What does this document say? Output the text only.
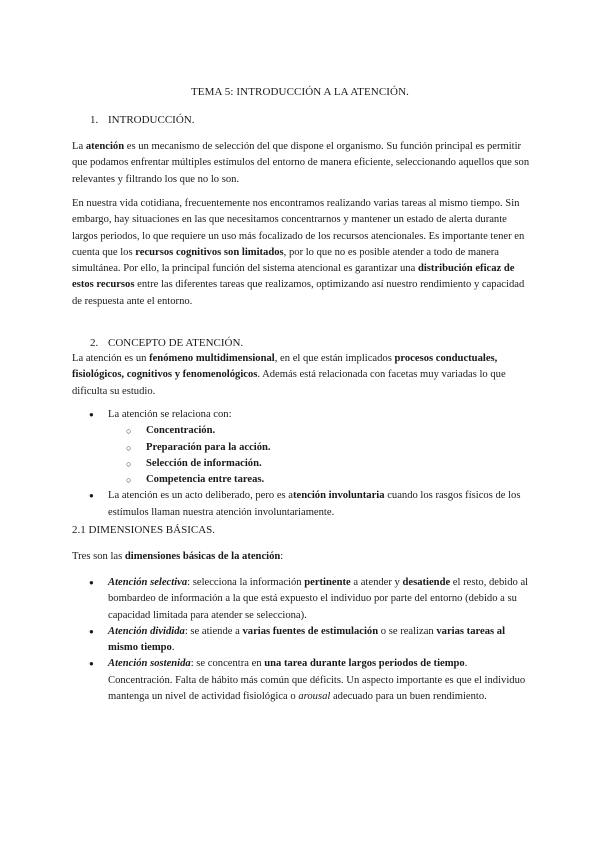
TEMA 5: INTRODUCCIÓN A LA ATENCIÓN.
1. INTRODUCCIÓN.

La atención es un mecanismo de selección del que dispone el organismo. Su función principal es permitir que podamos enfrentar múltiples estímulos del entorno de manera eficiente, seleccionando aquellos que son relevantes y filtrando los que no lo son.

En nuestra vida cotidiana, frecuentemente nos encontramos realizando varias tareas al mismo tiempo. Sin embargo, hay situaciones en las que necesitamos concentrarnos y mantener un estado de alerta durante largos periodos, lo que requiere un uso más focalizado de los recursos atencionales. Es importante tener en cuenta que los recursos cognitivos son limitados, por lo que no es posible atender a todo de manera simultánea. Por ello, la principal función del sistema atencional es garantizar una distribución eficaz de estos recursos entre las diferentes tareas que realizamos, optimizando así nuestro rendimiento y capacidad de respuesta ante el entorno.

2. CONCEPTO DE ATENCIÓN.

La atención es un fenómeno multidimensional, en el que están implicados procesos conductuales, fisiológicos, cognitivos y fenomenológicos. Además está relacionada con facetas muy variadas lo que dificulta su estudio.

● La atención se relaciona con:
○ Concentración.
○ Preparación para la acción.
○ Selección de información.
○ Competencia entre tareas.
● La atención es un acto deliberado, pero es atención involuntaria cuando los rasgos físicos de los estímulos llaman nuestra atención involuntariamente.
2.1 DIMENSIONES BÁSICAS.

Tres son las dimensiones básicas de la atención:

● Atención selectiva: selecciona la información pertinente a atender y desatiende el resto, debido al bombardeo de información a la que está expuesto el individuo por parte del entorno (debido a su capacidad limitada para atender se selecciona).
● Atención dividida: se atiende a varias fuentes de estimulación o se realizan varias tareas al mismo tiempo.
● Atención sostenida: se concentra en una tarea durante largos periodos de tiempo. Concentración. Falta de hábito más común que déficits. Un aspecto importante es que el individuo mantenga un nivel de actividad fisiológica o arousal adecuado para un buen rendimiento.
